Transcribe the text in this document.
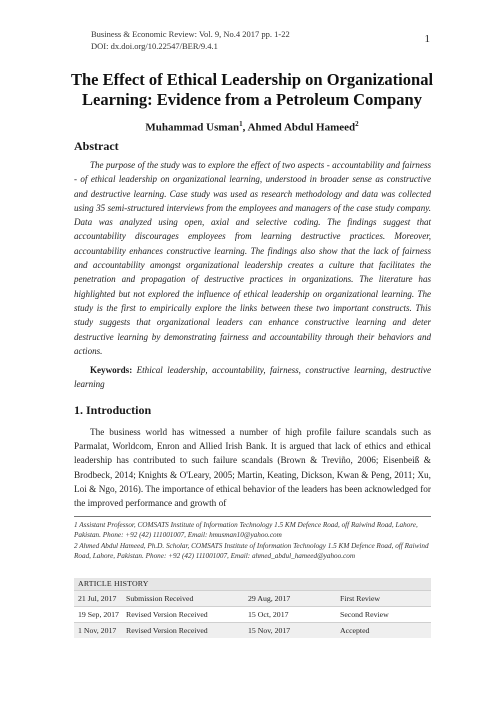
Business & Economic Review: Vol. 9, No.4 2017 pp. 1-22
DOI: dx.doi.org/10.22547/BER/9.4.1
1
The Effect of Ethical Leadership on Organizational Learning: Evidence from a Petroleum Company
Muhammad Usman$^1$, Ahmed Abdul Hameed$^2$
Abstract
The purpose of the study was to explore the effect of two aspects - accountability and fairness - of ethical leadership on organizational learning, understood in broader sense as constructive and destructive learning. Case study was used as research methodology and data was collected using 35 semi-structured interviews from the employees and managers of the case study company. Data was analyzed using open, axial and selective coding. The findings suggest that accountability discourages employees from learning destructive practices. Moreover, accountability enhances constructive learning. The findings also show that the lack of fairness and accountability amongst organizational leadership creates a culture that facilitates the penetration and propagation of destructive practices in organizations. The literature has highlighted but not explored the influence of ethical leadership on organizational learning. The study is the first to empirically explore the links between these two important constructs. This study suggests that organizational leaders can enhance constructive learning and deter destructive learning by demonstrating fairness and accountability through their behaviors and actions.
Keywords: Ethical leadership, accountability, fairness, constructive learning, destructive learning
1. Introduction
The business world has witnessed a number of high profile failure scandals such as Parmalat, Worldcom, Enron and Allied Irish Bank. It is argued that lack of ethics and ethical leadership has contributed to such failure scandals (Brown & Treviño, 2006; Eisenbeiß & Brodbeck, 2014; Knights & O'Leary, 2005; Martin, Keating, Dickson, Kwan & Peng, 2011; Xu, Loi & Ngo, 2016). The importance of ethical behavior of the leaders has been acknowledged for the improved performance and growth of

1 Assistant Professor, COMSATS Institute of Information Technology 1.5 KM Defence Road, off Raiwind Road, Lahore, Pakistan. Phone: +92 (42) 111001007, Email: hmusman10@yahoo.com

2 Ahmed Abdul Hameed, Ph.D. Scholar, COMSATS Institute of Information Technology 1.5 KM Defence Road, off Raiwind Road, Lahore, Pakistan. Phone: +92 (42) 111001007, Email: ahmed_abdul_hameed@yahoo.com

ARTICLE HISTORY
21 Jul, 2017	Submission Received	29 Aug, 2017	First Review
19 Sep, 2017	Revised Version Received	15 Oct, 2017	Second Review
1 Nov, 2017	Revised Version Received	15 Nov, 2017	Accepted
